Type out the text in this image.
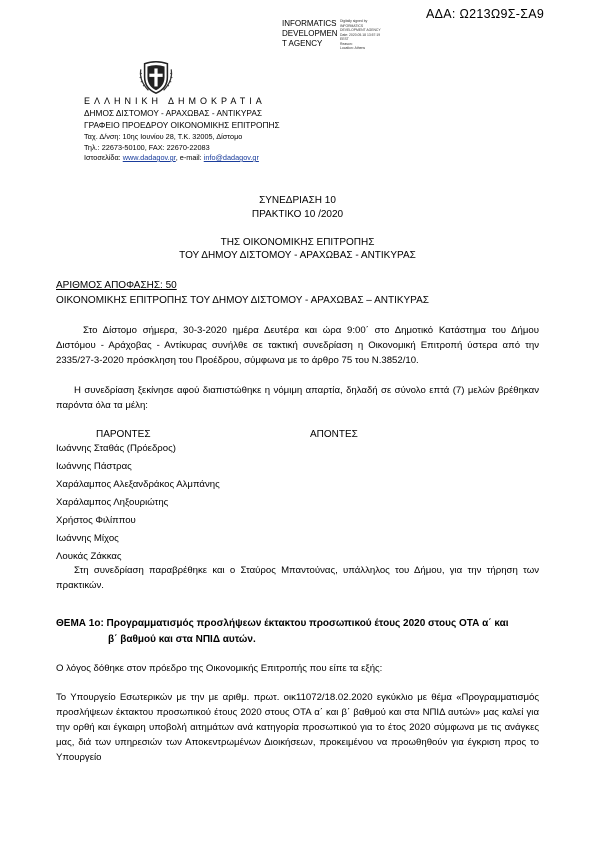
ΑΔΑ: Ω213Ω9Σ-ΣΑ9
INFORMATICS
DEVELOPMEN
T AGENCY
Digitally signed by
INFORMATICS
DEVELOPMENT AGENCY
Date: 2020.05.18 13:57:19
EEST
Reason:
Location: Athens
ΕΛΛΗΝΙΚΗ ΔΗΜΟΚΡΑΤΙΑ
ΔΗΜΟΣ ΔΙΣΤΟΜΟΥ - ΑΡΑΧΩΒΑΣ - ΑΝΤΙΚΥΡΑΣ
ΓΡΑΦΕΙΟ ΠΡΟΕΔΡΟΥ ΟΙΚΟΝΟΜΙΚΗΣ ΕΠΙΤΡΟΠΗΣ
Ταχ. Δ/νση: 10ης Ιουνίου 28, Τ.Κ. 32005, Δίστομο
Τηλ.: 22673-50100, FAX: 22670-22083
Ιστοσελίδα: www.dadagov.gr, e-mail: info@dadagov.gr
ΣΥΝΕΔΡΙΑΣΗ 10
ΠΡΑΚΤΙΚΟ 10 /2020
ΤΗΣ ΟΙΚΟΝΟΜΙΚΗΣ ΕΠΙΤΡΟΠΗΣ
ΤΟΥ ΔΗΜΟΥ ΔΙΣΤΟΜΟΥ - ΑΡΑΧΩΒΑΣ - ΑΝΤΙΚΥΡΑΣ
ΑΡΙΘΜΟΣ ΑΠΟΦΑΣΗΣ: 50
ΟΙΚΟΝΟΜΙΚΗΣ ΕΠΙΤΡΟΠΗΣ ΤΟΥ ΔΗΜΟΥ ΔΙΣΤΟΜΟΥ - ΑΡΑΧΩΒΑΣ – ΑΝΤΙΚΥΡΑΣ
Στο Δίστομο σήμερα, 30-3-2020 ημέρα Δευτέρα και ώρα 9:00΄ στο Δημοτικό Κατάστημα του Δήμου Διστόμου - Αράχοβας - Αντίκυρας συνήλθε σε τακτική συνεδρίαση η Οικονομική Επιτροπή ύστερα από την 2335/27-3-2020 πρόσκληση του Προέδρου, σύμφωνα με το άρθρο 75 του Ν.3852/10.
Η συνεδρίαση ξεκίνησε αφού διαπιστώθηκε η νόμιμη απαρτία, δηλαδή σε σύνολο επτά (7) μελών βρέθηκαν παρόντα όλα τα μέλη:
ΠΑΡΟΝΤΕΣ	ΑΠΟΝΤΕΣ
Ιωάννης Σταθάς (Πρόεδρος)
Ιωάννης Πάστρας
Χαράλαμπος Αλεξανδράκος Αλμπάνης
Χαράλαμπος Ληξουριώτης
Χρήστος Φιλίππου
Ιωάννης Μίχος
Λουκάς Ζάκκας
Στη συνεδρίαση παραβρέθηκε και ο Σταύρος Μπαντούνας, υπάλληλος του Δήμου, για την τήρηση των πρακτικών.
ΘΕΜΑ 1ο: Προγραμματισμός προσλήψεων έκτακτου προσωπικού έτους 2020 στους ΟΤΑ α΄ και
β΄ βαθμού και στα ΝΠΙΔ αυτών.
Ο λόγος δόθηκε στον πρόεδρο της Οικονομικής Επιτροπής που είπε τα εξής:
Το Υπουργείο Εσωτερικών με την με αριθμ. πρωτ. οικ11072/18.02.2020 εγκύκλιο με θέμα «Προγραμματισμός προσλήψεων έκτακτου προσωπικού έτους 2020 στους ΟΤΑ α΄ και β΄ βαθμού και στα ΝΠΙΔ αυτών» μας καλεί για την ορθή και έγκαιρη υποβολή αιτημάτων ανά κατηγορία προσωπικού για το έτος 2020 σύμφωνα με τις ανάγκες μας, διά των υπηρεσιών των Αποκεντρωμένων Διοικήσεων, προκειμένου να προωθηθούν για έγκριση προς το Υπουργείο
